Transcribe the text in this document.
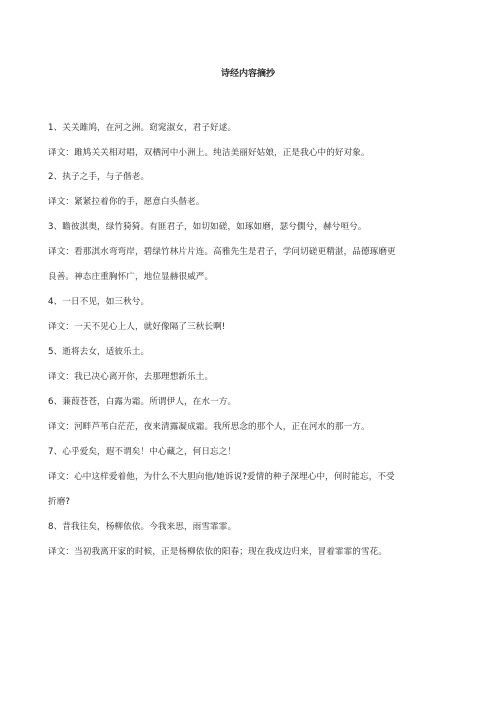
诗经内容摘抄
1、关关雎鸠，在河之洲。窈窕淑女，君子好逑。
译文：雎鸠关关相对唱，双栖河中小洲上。纯洁美丽好姑娘，正是我心中的好对象。
2、执子之手，与子偕老。
译文：紧紧拉着你的手，愿意白头偕老。
3、瞻彼淇奥，绿竹猗猗。有匪君子，如切如磋，如琢如磨，瑟兮僩兮，赫兮咺兮。
译文：看那淇水弯弯岸，碧绿竹林片片连。高雅先生是君子，学问切磋更精湛，品德琢磨更
良善。神态庄重胸怀广，地位显赫很威严。
4、一日不见，如三秋兮。
译文：一天不见心上人，就好像隔了三秋长啊!
5、逝将去女，适彼乐土。
译文：我已决心离开你，去那理想新乐土。
6、蒹葭苍苍，白露为霜。所谓伊人，在水一方。
译文：河畔芦苇白茫茫，夜来清露凝成霜。我所思念的那个人，正在河水的那一方。
7、心乎爱矣，遐不谓矣！中心藏之，何日忘之！
译文：心中这样爱着他，为什么不大胆向他/她诉说?爱情的种子深埋心中，何时能忘，不受
折磨?
8、昔我往矣，杨柳依依。今我来思，雨雪霏霏。
译文：当初我离开家的时候，正是杨柳依依的阳春；现在我戍边归来，冒着霏霏的雪花。
